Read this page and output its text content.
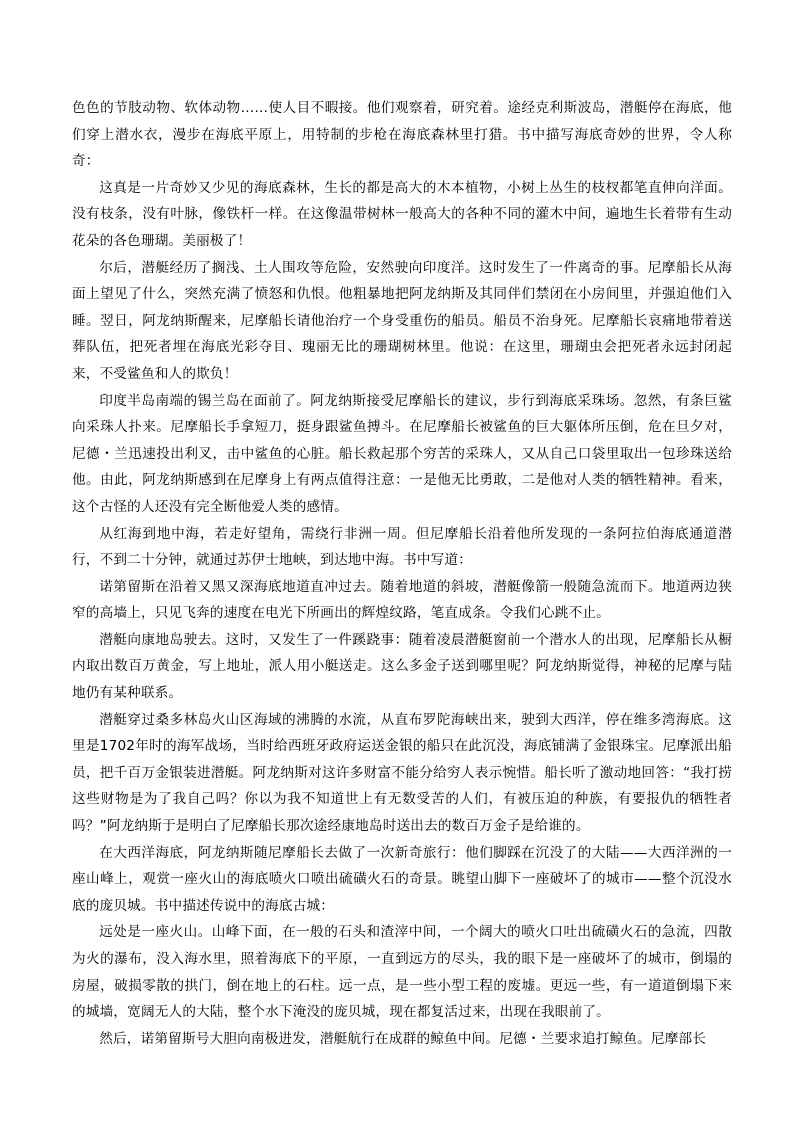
色色的节肢动物、软体动物……使人目不暇接。他们观察着，研究着。途经克利斯波岛，潜艇停在海底，他们穿上潜水衣，漫步在海底平原上，用特制的步枪在海底森林里打猎。书中描写海底奇妙的世界，令人称奇：

这真是一片奇妙又少见的海底森林，生长的都是高大的木本植物，小树上丛生的枝杈都笔直伸向洋面。没有枝条，没有叶脉，像铁杆一样。在这像温带树林一般高大的各种不同的灌木中间，遍地生长着带有生动花朵的各色珊瑚。美丽极了！

尔后，潜艇经历了搁浅、土人围攻等危险，安然驶向印度洋。这时发生了一件离奇的事。尼摩船长从海面上望见了什么，突然充满了愤怒和仇恨。他粗暴地把阿龙纳斯及其同伴们禁闭在小房间里，并强迫他们入睡。翌日，阿龙纳斯醒来，尼摩船长请他治疗一个身受重伤的船员。船员不治身死。尼摩船长哀痛地带着送葬队伍，把死者埋在海底光彩夺目、瑰丽无比的珊瑚树林里。他说：在这里，珊瑚虫会把死者永远封闭起来，不受鲨鱼和人的欺负！

印度半岛南端的锡兰岛在面前了。阿龙纳斯接受尼摩船长的建议，步行到海底采珠场。忽然，有条巨鲨向采珠人扑来。尼摩船长手拿短刀，挺身跟鲨鱼搏斗。在尼摩船长被鲨鱼的巨大躯体所压倒，危在旦夕对，尼德・兰迅速投出利叉，击中鲨鱼的心脏。船长救起那个穷苦的采珠人，又从自己口袋里取出一包珍珠送给他。由此，阿龙纳斯感到在尼摩身上有两点值得注意：一是他无比勇敢，二是他对人类的牺牲精神。看来，这个古怪的人还没有完全断他爱人类的感情。

从红海到地中海，若走好望角，需绕行非洲一周。但尼摩船长沿着他所发现的一条阿拉伯海底通道潜行，不到二十分钟，就通过苏伊士地峡，到达地中海。书中写道：

诺第留斯在沿着又黑又深海底地道直冲过去。随着地道的斜坡，潜艇像箭一般随急流而下。地道两边狭窄的高墙上，只见飞奔的速度在电光下所画出的辉煌纹路，笔直成条。令我们心跳不止。

潜艇向康地岛驶去。这时，又发生了一件蹊跷事：随着凌晨潜艇窗前一个潜水人的出现，尼摩船长从橱内取出数百万黄金，写上地址，派人用小艇送走。这么多金子送到哪里呢？阿龙纳斯觉得，神秘的尼摩与陆地仍有某种联系。

潜艇穿过桑多林岛火山区海域的沸腾的水流，从直布罗陀海峡出来，驶到大西洋，停在维多湾海底。这里是1702年时的海军战场，当时给西班牙政府运送金银的船只在此沉没，海底铺满了金银珠宝。尼摩派出船员，把千百万金银装进潜艇。阿龙纳斯对这许多财富不能分给穷人表示惋惜。船长听了激动地回答：“我打捞这些财物是为了我自己吗？你以为我不知道世上有无数受苦的人们，有被压迫的种族，有要报仇的牺牲者吗？”阿龙纳斯于是明白了尼摩船长那次途经康地岛时送出去的数百万金子是给谁的。

在大西洋海底，阿龙纳斯随尼摩船长去做了一次新奇旅行：他们脚踩在沉没了的大陆——大西洋洲的一座山峰上，观赏一座火山的海底喷火口喷出硫磺火石的奇景。眺望山脚下一座破坏了的城市——整个沉没水底的庞贝城。书中描述传说中的海底古城：

远处是一座火山。山峰下面，在一般的石头和渣滓中间，一个阔大的喷火口吐出硫磺火石的急流，四散为火的瀑布，没入海水里，照着海底下的平原，一直到远方的尽头，我的眼下是一座破坏了的城市，倒塌的房屋，破损零散的拱门，倒在地上的石柱。远一点，是一些小型工程的废墟。更远一些，有一道道倒塌下来的城墙，宽阔无人的大陆，整个水下淹没的庞贝城，现在都复活过来，出现在我眼前了。

然后，诺第留斯号大胆向南极进发，潜艇航行在成群的鲸鱼中间。尼德・兰要求追打鲸鱼。尼摩部长
